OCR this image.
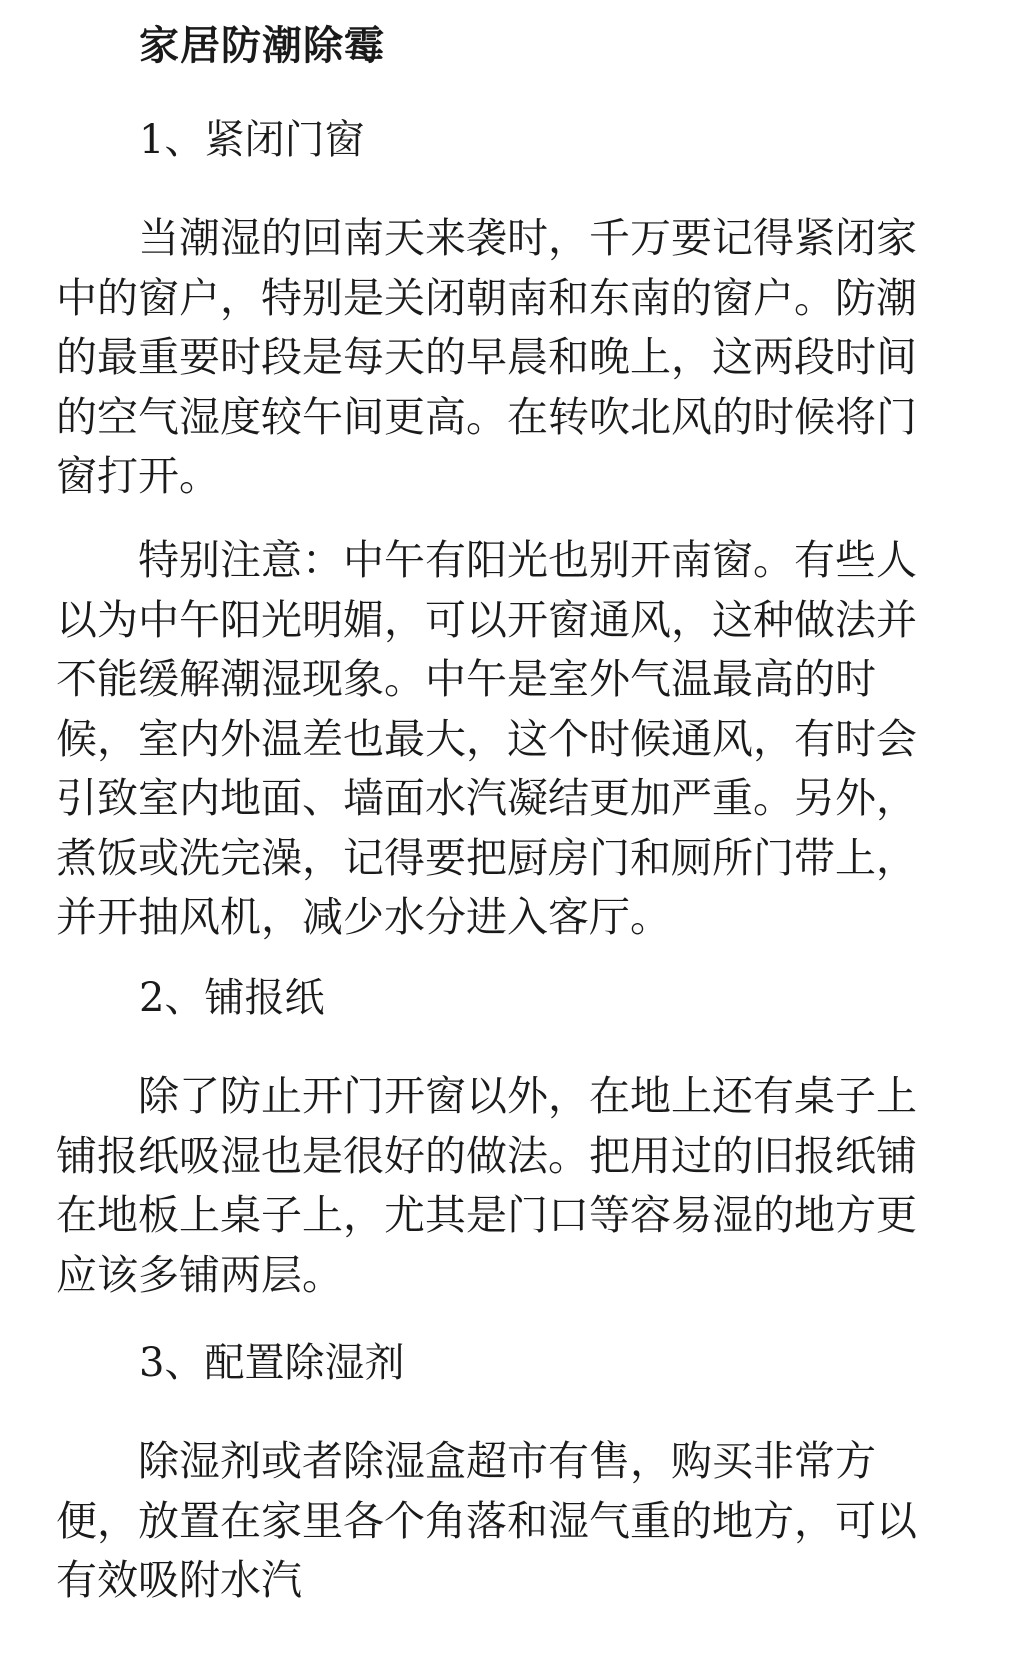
家居防潮除霉
1、紧闭门窗

当潮湿的回南天来袭时，千万要记得紧闭家
中的窗户，特别是关闭朝南和东南的窗户。防潮
的最重要时段是每天的早晨和晚上，这两段时间
的空气湿度较午间更高。在转吹北风的时候将门
窗打开。

特别注意：中午有阳光也别开南窗。有些人
以为中午阳光明媚，可以开窗通风，这种做法并
不能缓解潮湿现象。中午是室外气温最高的时
候，室内外温差也最大，这个时候通风，有时会
引致室内地面、墙面水汽凝结更加严重。另外，
煮饭或洗完澡，记得要把厨房门和厕所门带上，
并开抽风机，减少水分进入客厅。

2、铺报纸

除了防止开门开窗以外，在地上还有桌子上
铺报纸吸湿也是很好的做法。把用过的旧报纸铺
在地板上桌子上，尤其是门口等容易湿的地方更
应该多铺两层。

3、配置除湿剂

除湿剂或者除湿盒超市有售，购买非常方
便，放置在家里各个角落和湿气重的地方，可以
有效吸附水汽
